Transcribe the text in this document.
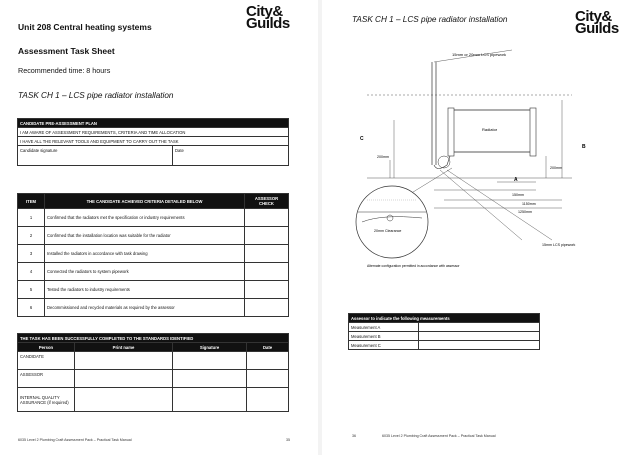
City&
Guilds
Unit 208 Central heating systems
Assessment Task Sheet
Recommended time: 8 hours
TASK CH 1 – LCS pipe radiator installation
CANDIDATE PRE-ASSESSMENT PLAN
I AM AWARE OF ASSESSMENT REQUIREMENTS, CRITERIA AND TIME ALLOCATION
I HAVE ALL THE RELEVANT TOOLS AND EQUIPMENT TO CARRY OUT THE TASK
Candidate signature	Date
ITEM	THE CANDIDATE ACHIEVED CRITERIA DETAILED BELOW	ASSESSOR CHECK
1	Confirmed that the radiators met the specification or industry requirements	
2	Confirmed that the installation location was suitable for the radiator	
3	Installed the radiators in accordance with task drawing	
4	Connected the radiators to system pipework	
5	Tested the radiators to industry requirements	
6	Decommissioned and recycled materials as required by the assessor	
THE TASK HAS BEEN SUCCESSFULLY COMPLETED TO THE STANDARDS IDENTIFIED			
Person	Print name	Signature	Date
CANDIDATE			
ASSESSOR			
INTERNAL QUALITY ASSURANCE (if required)			
6035 Level 2 Plumbing Craft Assessment Pack – Practical Task Manual	35
TASK CH 1 – LCS pipe radiator installation	City&
Guilds
15mm or 20mm LCS pipework
Radiator
200mm
200mm
150mm
1150mm
1250mm
A
B
C
20mm Clearance
15mm LCS pipework
Alternate configuration permitted in accordance with assessor
Assessor to indicate the following measurements	
Measurement A	
Measurement B	
Measurement C	
36	6035 Level 2 Plumbing Craft Assessment Pack – Practical Task Manual
